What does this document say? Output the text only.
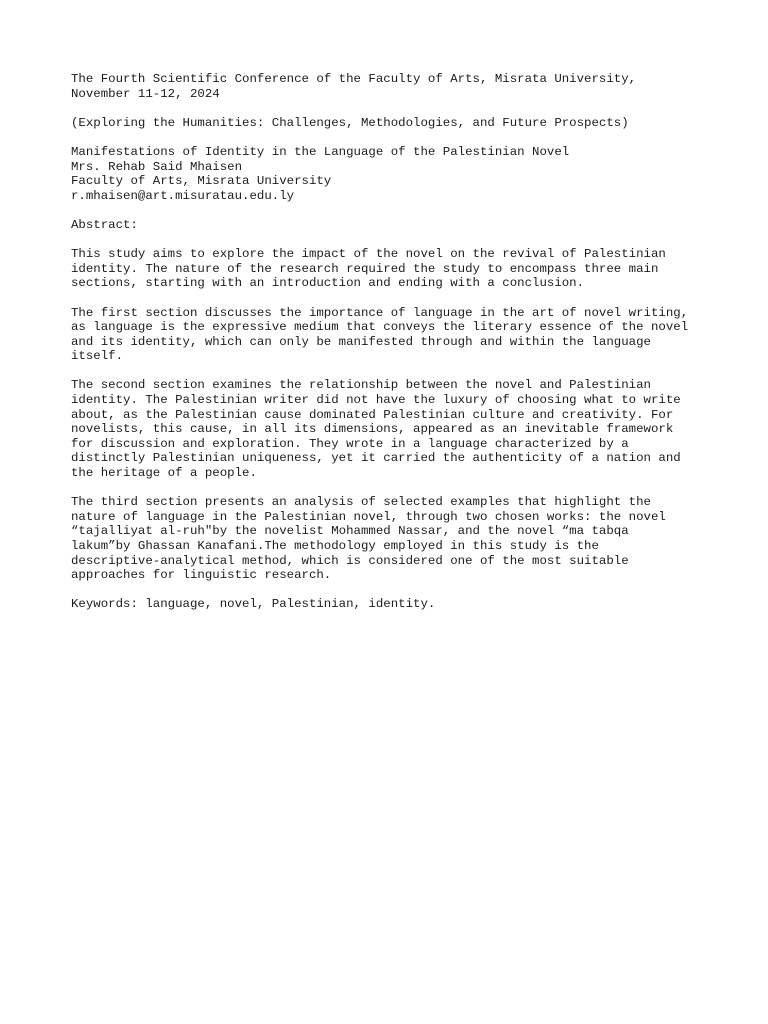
The Fourth Scientific Conference of the Faculty of Arts, Misrata University,
November 11-12, 2024
(Exploring the Humanities: Challenges, Methodologies, and Future Prospects)
Manifestations of Identity in the Language of the Palestinian Novel
Mrs. Rehab Said Mhaisen
Faculty of Arts, Misrata University
r.mhaisen@art.misuratau.edu.ly
Abstract:
This study aims to explore the impact of the novel on the revival of Palestinian
identity. The nature of the research required the study to encompass three main
sections, starting with an introduction and ending with a conclusion.
The first section discusses the importance of language in the art of novel writing,
as language is the expressive medium that conveys the literary essence of the novel
and its identity, which can only be manifested through and within the language
itself.
The second section examines the relationship between the novel and Palestinian
identity. The Palestinian writer did not have the luxury of choosing what to write
about, as the Palestinian cause dominated Palestinian culture and creativity. For
novelists, this cause, in all its dimensions, appeared as an inevitable framework
for discussion and exploration. They wrote in a language characterized by a
distinctly Palestinian uniqueness, yet it carried the authenticity of a nation and
the heritage of a people.
The third section presents an analysis of selected examples that highlight the
nature of language in the Palestinian novel, through two chosen works: the novel
“tajalliyat al-ruh"by the novelist Mohammed Nassar, and the novel “ma tabqa
lakum”by Ghassan Kanafani.The methodology employed in this study is the
descriptive-analytical method, which is considered one of the most suitable
approaches for linguistic research.
Keywords: language, novel, Palestinian, identity.
